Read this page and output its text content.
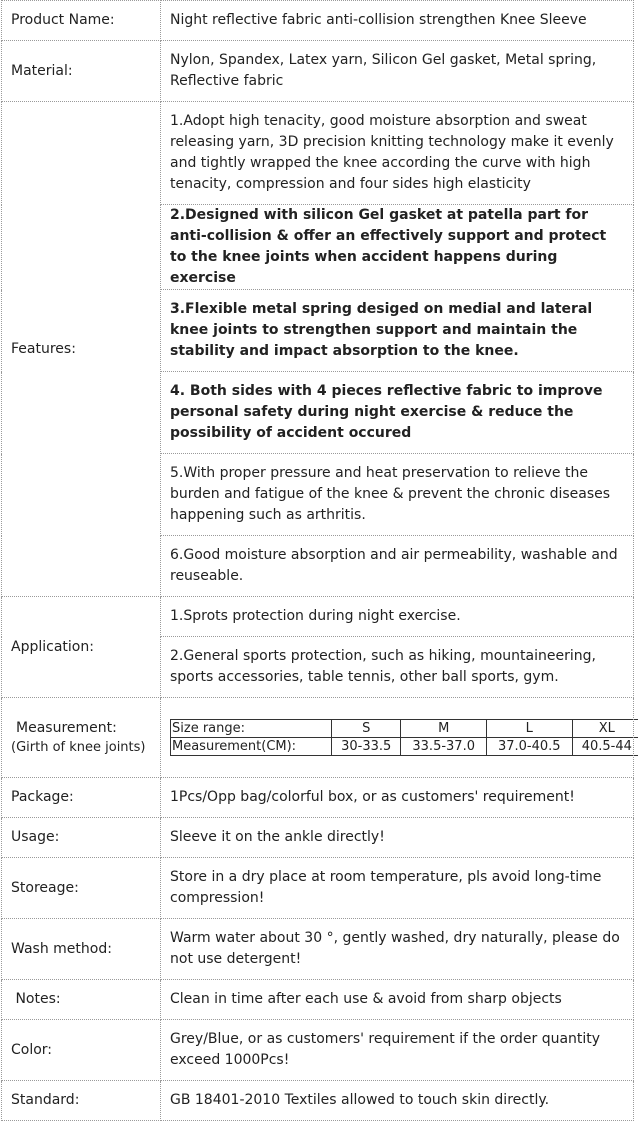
Product Name:	Night reflective fabric anti-collision strengthen Knee Sleeve
Material:	Nylon, Spandex, Latex yarn, Silicon Gel gasket, Metal spring, Reflective fabric
Features:	1.Adopt high tenacity, good moisture absorption and sweat releasing yarn, 3D precision knitting technology make it evenly and tightly wrapped the knee according the curve with high tenacity, compression and four sides high elasticity
2.Designed with silicon Gel gasket at patella part for anti-collision & offer an effectively support and protect to the knee joints when accident happens during exercise
3.Flexible metal spring desiged on medial and lateral knee joints to strengthen support and maintain the stability and impact absorption to the knee.
4. Both sides with 4 pieces reflective fabric to improve personal safety during night exercise & reduce the possibility of accident occured
5.With proper pressure and heat preservation to relieve the burden and fatigue of the knee & prevent the chronic diseases happening such as arthritis.
6.Good moisture absorption and air permeability, washable and reuseable.
Application:	1.Sprots protection during night exercise.
2.General sports protection, such as hiking, mountaineering, sports accessories, table tennis, other ball sports, gym.

Measurement:
(Girth of knee joints)	
Size range:	S	M	L	XL
Measurement(CM):	30-33.5	33.5-37.0	37.0-40.5	40.5-44

Package:	1Pcs/Opp bag/colorful box, or as customers' requirement!
Usage:	Sleeve it on the ankle directly!
Storeage:	Store in a dry place at room temperature, pls avoid long-time compression!
Wash method:	Warm water about 30 °, gently washed, dry naturally, please do not use detergent!
Notes:	Clean in time after each use & avoid from sharp objects
Color:	Grey/Blue, or as customers' requirement if the order quantity exceed 1000Pcs!
Standard:	GB 18401-2010 Textiles allowed to touch skin directly.
